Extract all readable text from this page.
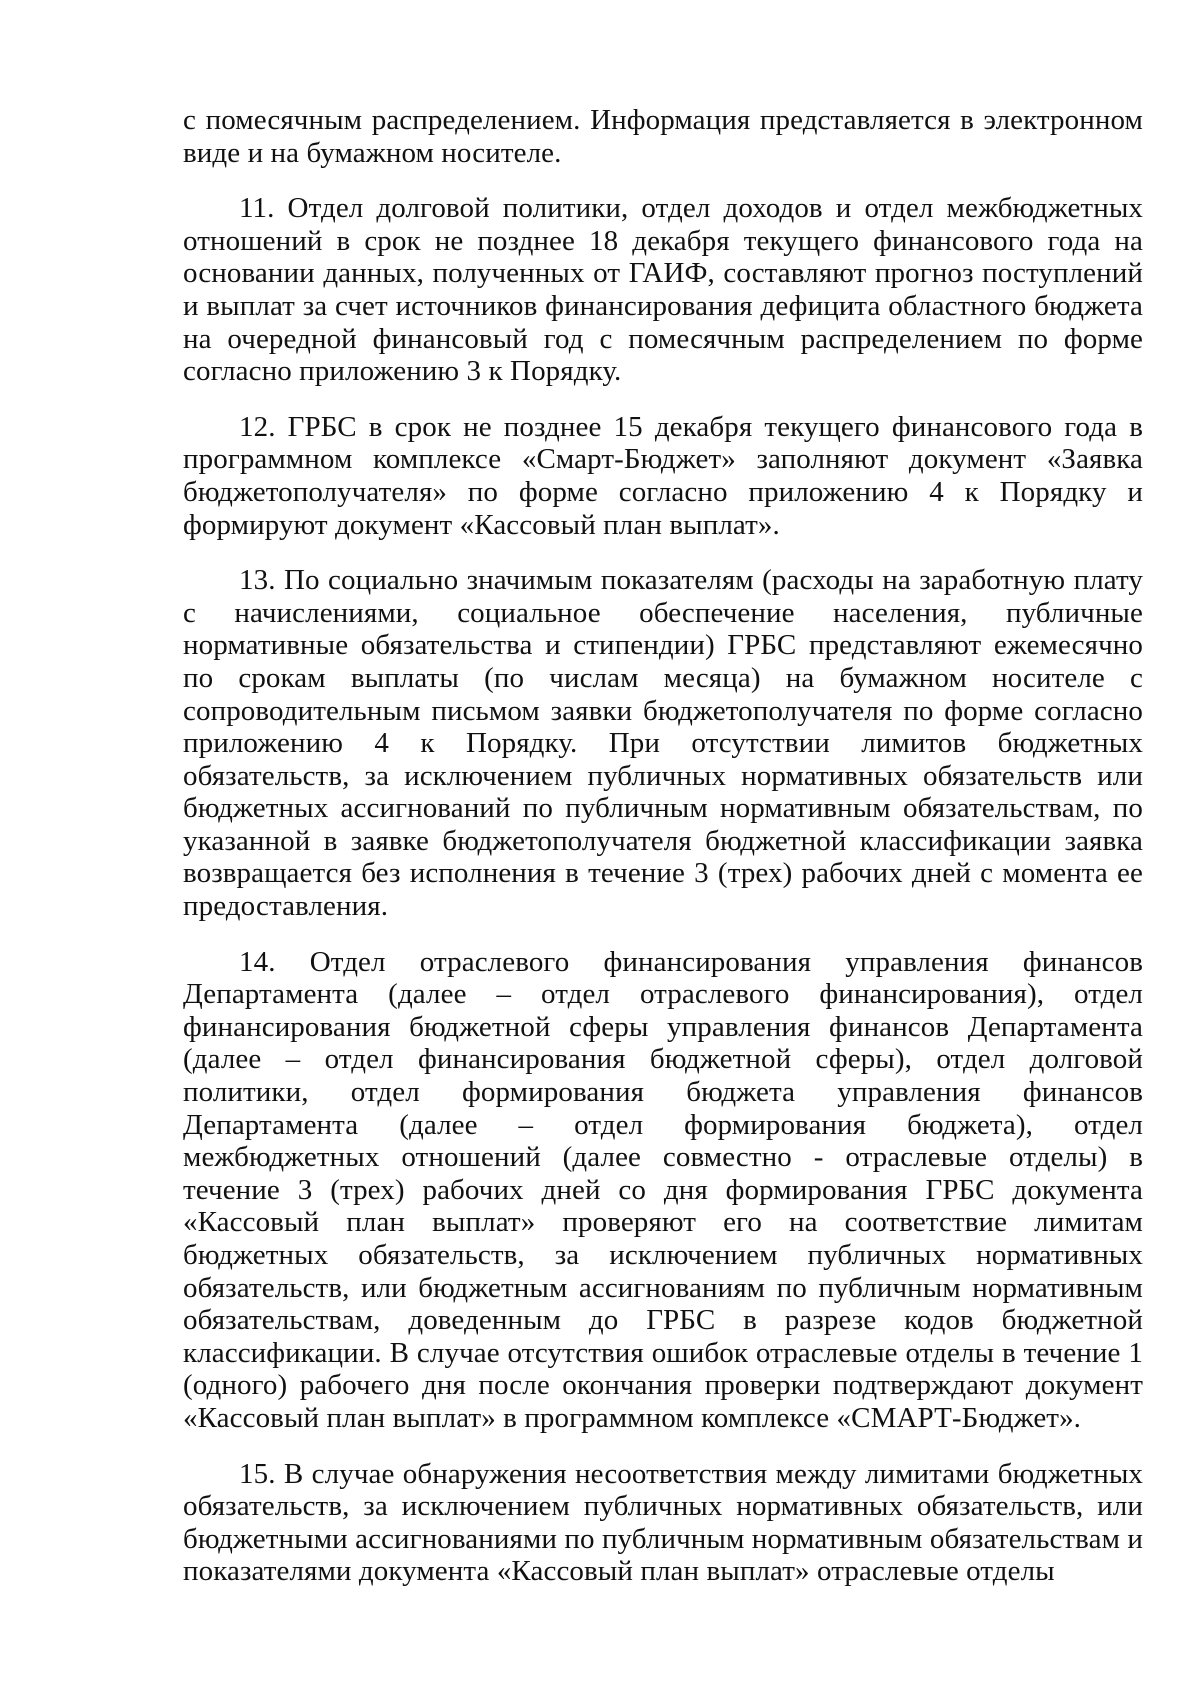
с помесячным распределением. Информация представляется в электронном виде и на бумажном носителе.

11. Отдел долговой политики, отдел доходов и отдел межбюджетных отношений в срок не позднее 18 декабря текущего финансового года на основании данных, полученных от ГАИФ, составляют прогноз поступлений и выплат за счет источников финансирования дефицита областного бюджета на очередной финансовый год с помесячным распределением по форме согласно приложению 3 к Порядку.

12. ГРБС в срок не позднее 15 декабря текущего финансового года в программном комплексе «Смарт-Бюджет» заполняют документ «Заявка бюджетополучателя» по форме согласно приложению 4 к Порядку и формируют документ «Кассовый план выплат».

13. По социально значимым показателям (расходы на заработную плату с начислениями, социальное обеспечение населения, публичные нормативные обязательства и стипендии) ГРБС представляют ежемесячно по срокам выплаты (по числам месяца) на бумажном носителе с сопроводительным письмом заявки бюджетополучателя по форме согласно приложению 4 к Порядку. При отсутствии лимитов бюджетных обязательств, за исключением публичных нормативных обязательств или бюджетных ассигнований по публичным нормативным обязательствам, по указанной в заявке бюджетополучателя бюджетной классификации заявка возвращается без исполнения в течение 3 (трех) рабочих дней с момента ее предоставления.

14. Отдел отраслевого финансирования управления финансов Департамента (далее – отдел отраслевого финансирования), отдел финансирования бюджетной сферы управления финансов Департамента (далее – отдел финансирования бюджетной сферы), отдел долговой политики, отдел формирования бюджета управления финансов Департамента (далее – отдел формирования бюджета), отдел межбюджетных отношений (далее совместно - отраслевые отделы) в течение 3 (трех) рабочих дней со дня формирования ГРБС документа «Кассовый план выплат» проверяют его на соответствие лимитам бюджетных обязательств, за исключением публичных нормативных обязательств, или бюджетным ассигнованиям по публичным нормативным обязательствам, доведенным до ГРБС в разрезе кодов бюджетной классификации. В случае отсутствия ошибок отраслевые отделы в течение 1 (одного) рабочего дня после окончания проверки подтверждают документ «Кассовый план выплат» в программном комплексе «СМАРТ-Бюджет».

15. В случае обнаружения несоответствия между лимитами бюджетных обязательств, за исключением публичных нормативных обязательств, или бюджетными ассигнованиями по публичным нормативным обязательствам и показателями документа «Кассовый план выплат» отраслевые отделы
